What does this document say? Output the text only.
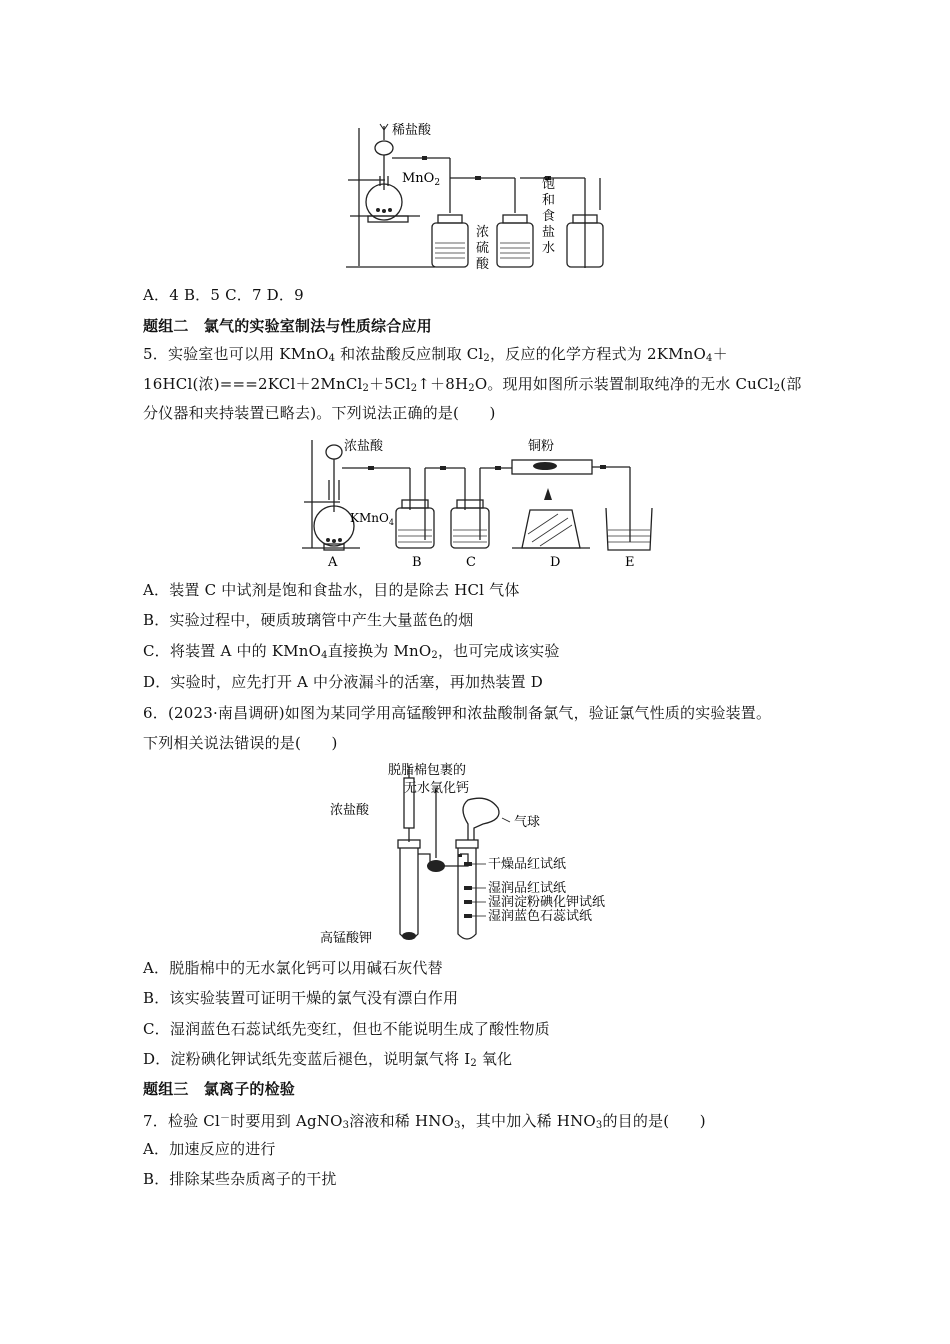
稀盐酸
MnO$_2$
浓
硫
酸
饱
和
食
盐
水
A．4 B．5 C．7 D．9
题组二　氯气的实验室制法与性质综合应用
5．实验室也可以用 KMnO$_4$ 和浓盐酸反应制取 $Cl_2$，反应的化学方程式为 2KMnO$_4$＋
16HCl(浓)$===2KCl+2MnCl_2+5Cl_2↑+8H_2O$。现用如图所示装置制取纯净的无水 CuCl$_2$(部
分仪器和夹持装置已略去)。下列说法正确的是(　　)
浓盐酸	铜粉
KMnO$_4$
A	B	C	D	E
A．装置 C 中试剂是饱和食盐水，目的是除去 HCl 气体
B．实验过程中，硬质玻璃管中产生大量蓝色的烟
C．将装置 A 中的 KMnO$_4$直接换为 MnO$_2$，也可完成该实验
D．实验时，应先打开 A 中分液漏斗的活塞，再加热装置 D
6．(2023·南昌调研)如图为某同学用高锰酸钾和浓盐酸制备氯气，验证氯气性质的实验装置。
下列相关说法错误的是(　　)
脱脂棉包裹的
无水氯化钙
浓盐酸
气球
干燥品红试纸
湿润品红试纸
湿润淀粉碘化钾试纸
湿润蓝色石蕊试纸
高锰酸钾
A．脱脂棉中的无水氯化钙可以用碱石灰代替
B．该实验装置可证明干燥的氯气没有漂白作用
C．湿润蓝色石蕊试纸先变红，但也不能说明生成了酸性物质
D．淀粉碘化钾试纸先变蓝后褪色，说明氯气将 $I_2$ 氧化
题组三　氯离子的检验
7．检验 Cl－时要用到 AgNO$_3$溶液和稀 $HNO_3$，其中加入稀 $HNO_3$的目的是(　　)
A．加速反应的进行
B．排除某些杂质离子的干扰
